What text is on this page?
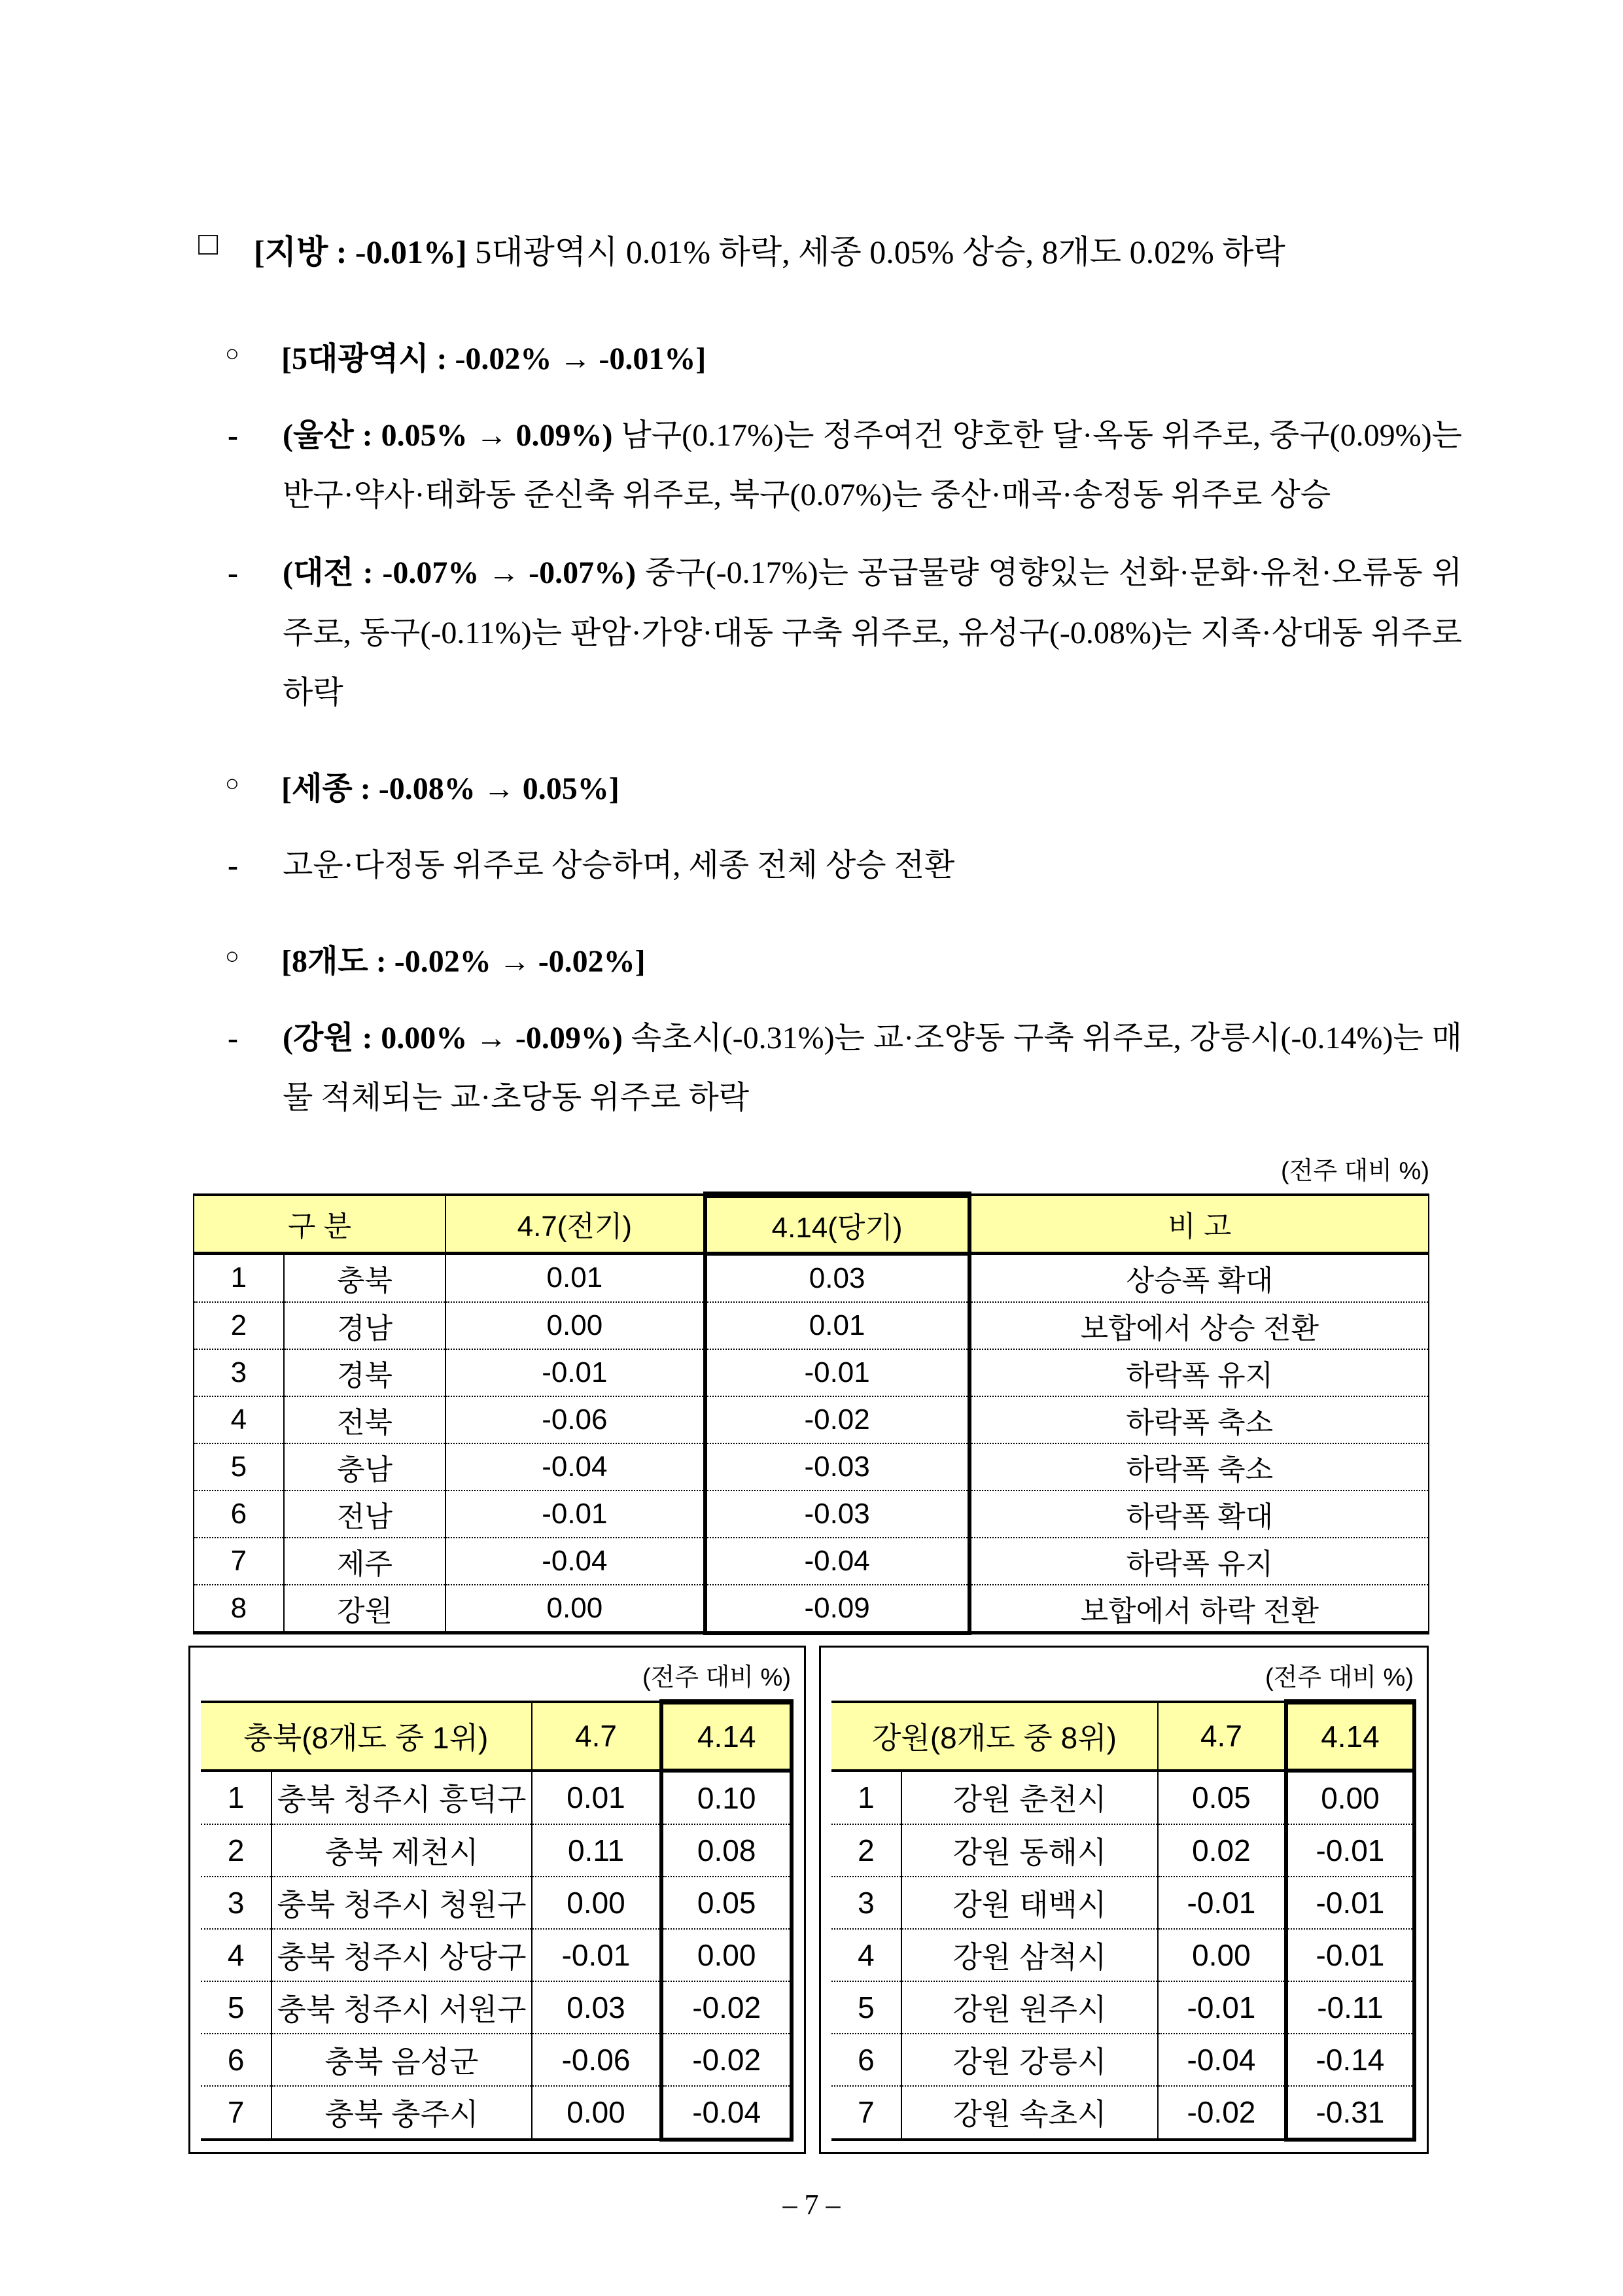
□ [지방 : -0.01%] 5대광역시 0.01% 하락, 세종 0.05% 상승, 8개도 0.02% 하락
○ [5대광역시 : -0.02% → -0.01%]
- (울산 : 0.05% → 0.09%) 남구(0.17%)는 정주여건 양호한 달·옥동 위주로, 중구(0.09%)는 반구·약사·태화동 준신축 위주로, 북구(0.07%)는 중산·매곡·송정동 위주로 상승
- (대전 : -0.07% → -0.07%) 중구(-0.17%)는 공급물량 영향있는 선화·문화·유천·오류동 위주로, 동구(-0.11%)는 판암·가양·대동 구축 위주로, 유성구(-0.08%)는 지족·상대동 위주로 하락
○ [세종 : -0.08% → 0.05%]
- 고운·다정동 위주로 상승하며, 세종 전체 상승 전환
○ [8개도 : -0.02% → -0.02%]
- (강원 : 0.00% → -0.09%) 속초시(-0.31%)는 교·조양동 구축 위주로, 강릉시(-0.14%)는 매물 적체되는 교·초당동 위주로 하락
(전주 대비 %)
구 분		4.7(전기)	4.14(당기)	비 고
1	충북	0.01	0.03	상승폭 확대
2	경남	0.00	0.01	보합에서 상승 전환
3	경북	-0.01	-0.01	하락폭 유지
4	전북	-0.06	-0.02	하락폭 축소
5	충남	-0.04	-0.03	하락폭 축소
6	전남	-0.01	-0.03	하락폭 확대
7	제주	-0.04	-0.04	하락폭 유지
8	강원	0.00	-0.09	보합에서 하락 전환
(전주 대비 %)
충북(8개도 중 1위)		4.7	4.14
1	충북 청주시 흥덕구	0.01	0.10
2	충북 제천시	0.11	0.08
3	충북 청주시 청원구	0.00	0.05
4	충북 청주시 상당구	-0.01	0.00
5	충북 청주시 서원구	0.03	-0.02
6	충북 음성군	-0.06	-0.02
7	충북 충주시	0.00	-0.04
(전주 대비 %)
강원(8개도 중 8위)		4.7	4.14
1	강원 춘천시	0.05	0.00
2	강원 동해시	0.02	-0.01
3	강원 태백시	-0.01	-0.01
4	강원 삼척시	0.00	-0.01
5	강원 원주시	-0.01	-0.11
6	강원 강릉시	-0.04	-0.14
7	강원 속초시	-0.02	-0.31
– 7 –
